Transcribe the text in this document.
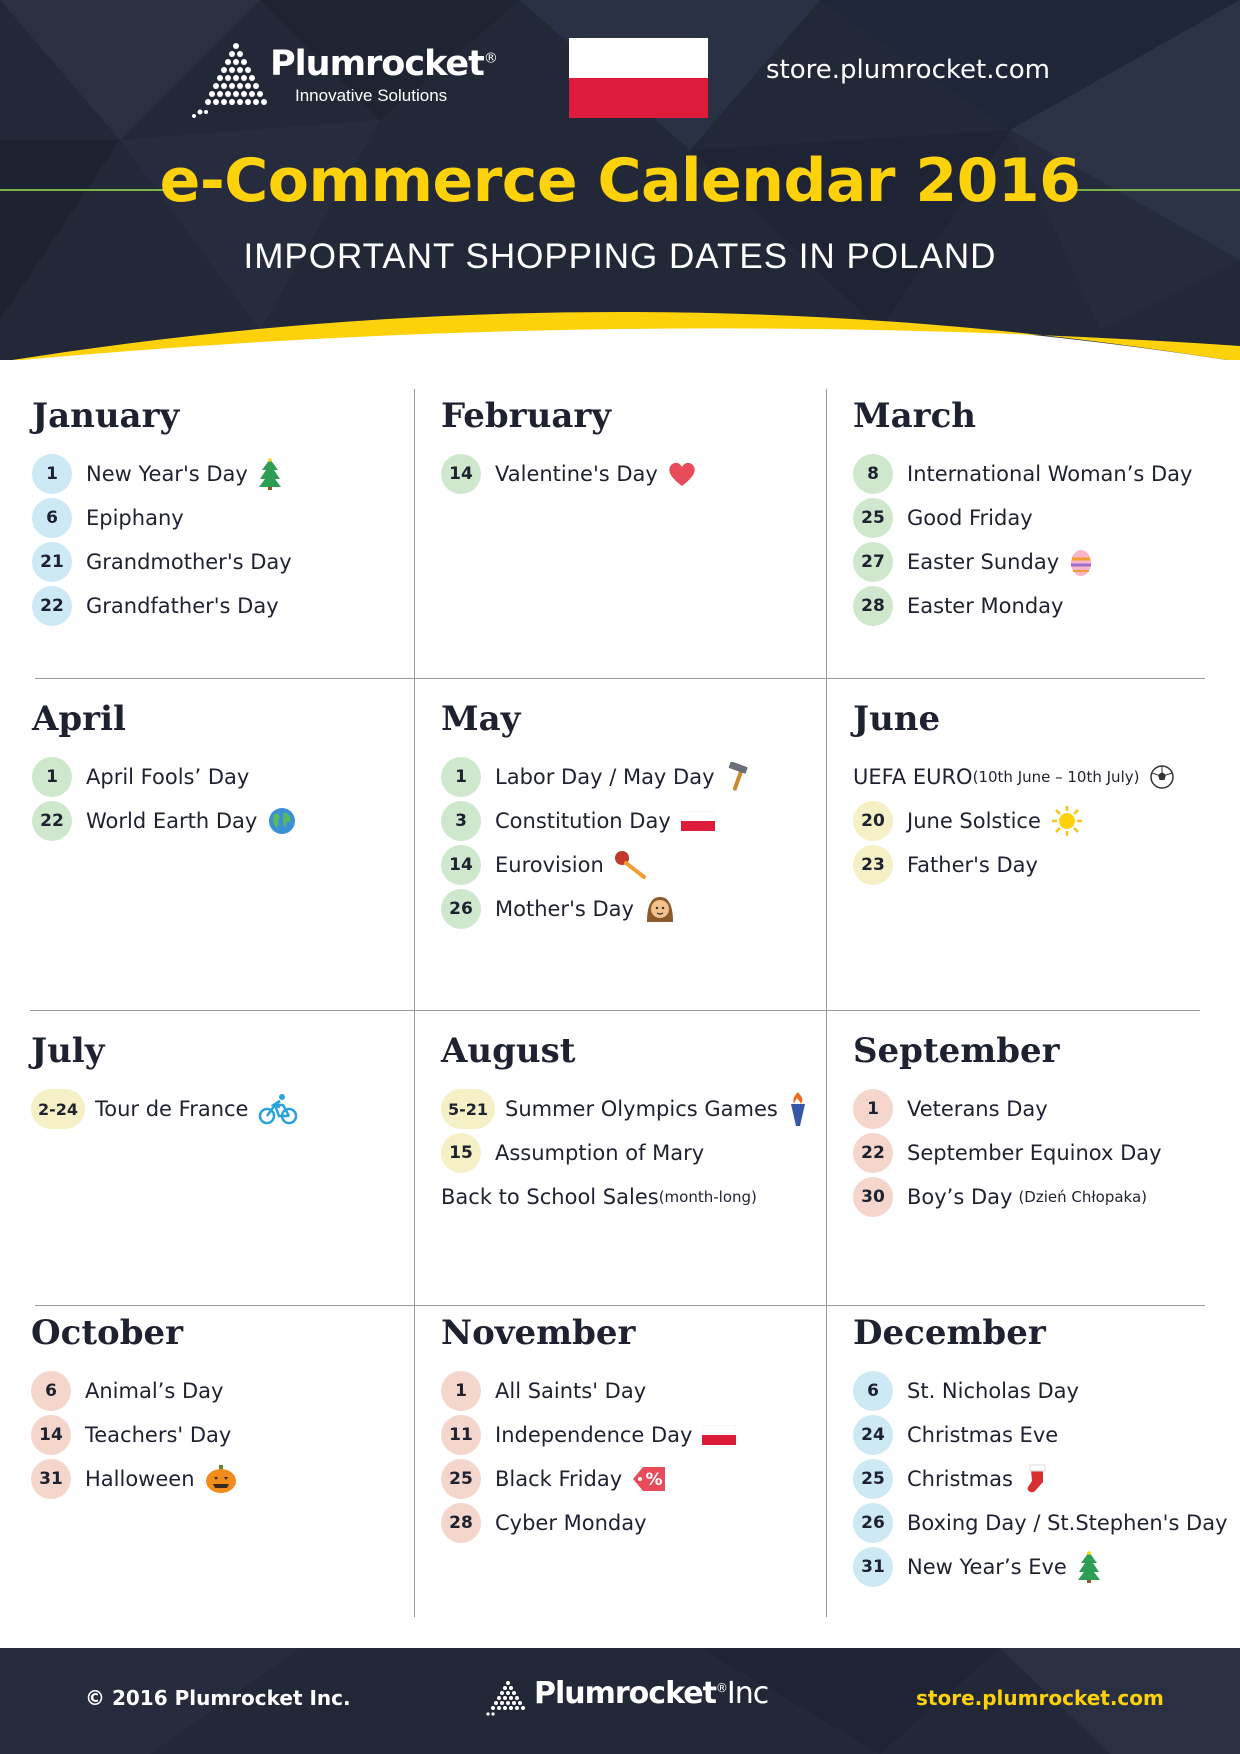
Plumrocket®
Innovative Solutions
store.plumrocket.com
e-Commerce Calendar 2016
IMPORTANT SHOPPING DATES IN POLAND
January
1	New Year's Day
6	Epiphany
21	Grandmother's Day
22	Grandfather's Day
February
14	Valentine's Day
March
8	International Woman’s Day
25	Good Friday
27	Easter Sunday
28	Easter Monday
April
1	April Fools’ Day
22	World Earth Day
May
1	Labor Day / May Day
3	Constitution Day
14	Eurovision
26	Mother's Day
June
UEFA EURO (10th June – 10th July)
20	June Solstice
23	Father's Day
July
2-24 Tour de France
August
5-21 Summer Olympics Games
15	Assumption of Mary
Back to School Sales (month-long)
September
1	Veterans Day
22	September Equinox Day
30	Boy’s Day (Dzień Chłopaka)
October
6	Animal’s Day
14	Teachers' Day
31	Halloween
November
1	All Saints' Day
11	Independence Day
25	Black Friday %
28	Cyber Monday
December
6	St. Nicholas Day
24	Christmas Eve
25	Christmas
26	Boxing Day / St.Stephen's Day
31	New Year’s Eve
© 2016 Plumrocket Inc.	Plumrocket®Inc	store.plumrocket.com
